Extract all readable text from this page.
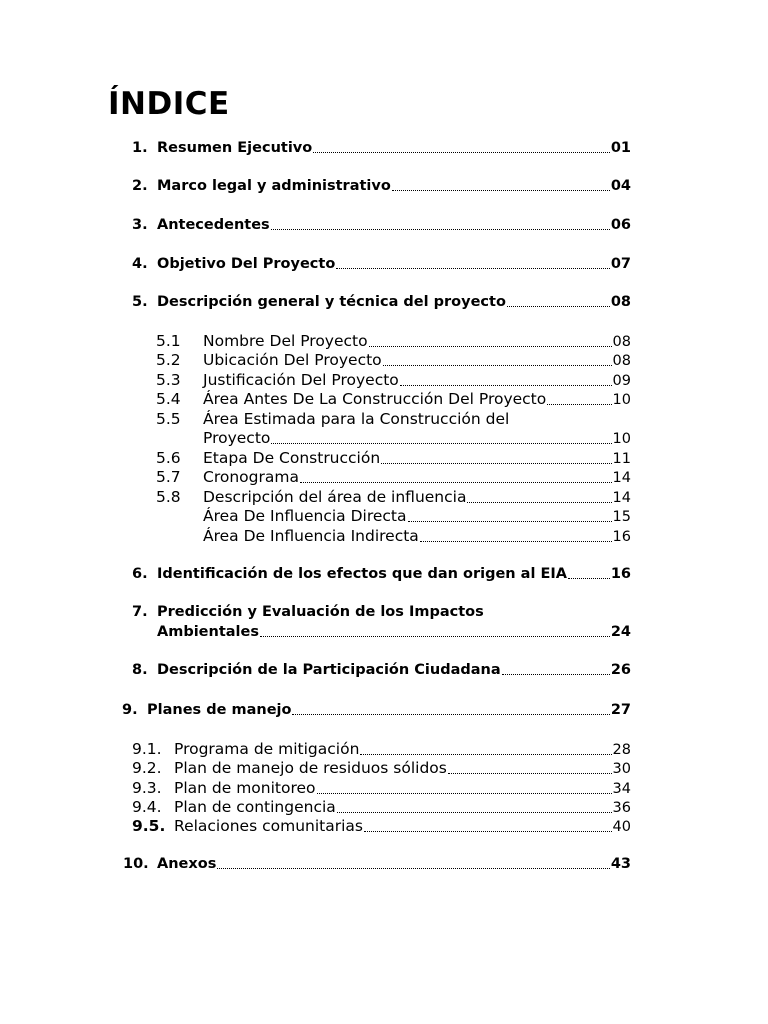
ÍNDICE
1. Resumen Ejecutivo	01
2. Marco legal y administrativo	04
3. Antecedentes	06
4. Objetivo Del Proyecto	07
5. Descripción general y técnica del proyecto	08
5.1 Nombre Del Proyecto	08
5.2 Ubicación Del Proyecto	08
5.3 Justificación Del Proyecto	09
5.4 Área Antes De La Construcción Del Proyecto	10
5.5 Área Estimada para la Construcción del
Proyecto	10
5.6 Etapa De Construcción	11
5.7 Cronograma	14
5.8 Descripción del área de influencia	14
Área De Influencia Directa	15
Área De Influencia Indirecta	16
6. Identificación de los efectos que dan origen al EIA	16
7. Predicción y Evaluación de los Impactos
Ambientales	24
8. Descripción de la Participación Ciudadana	26
9. Planes de manejo	27
9.1. Programa de mitigación	28
9.2. Plan de manejo de residuos sólidos	30
9.3. Plan de monitoreo	34
9.4. Plan de contingencia	36
9.5. Relaciones comunitarias	40
10. Anexos	43
